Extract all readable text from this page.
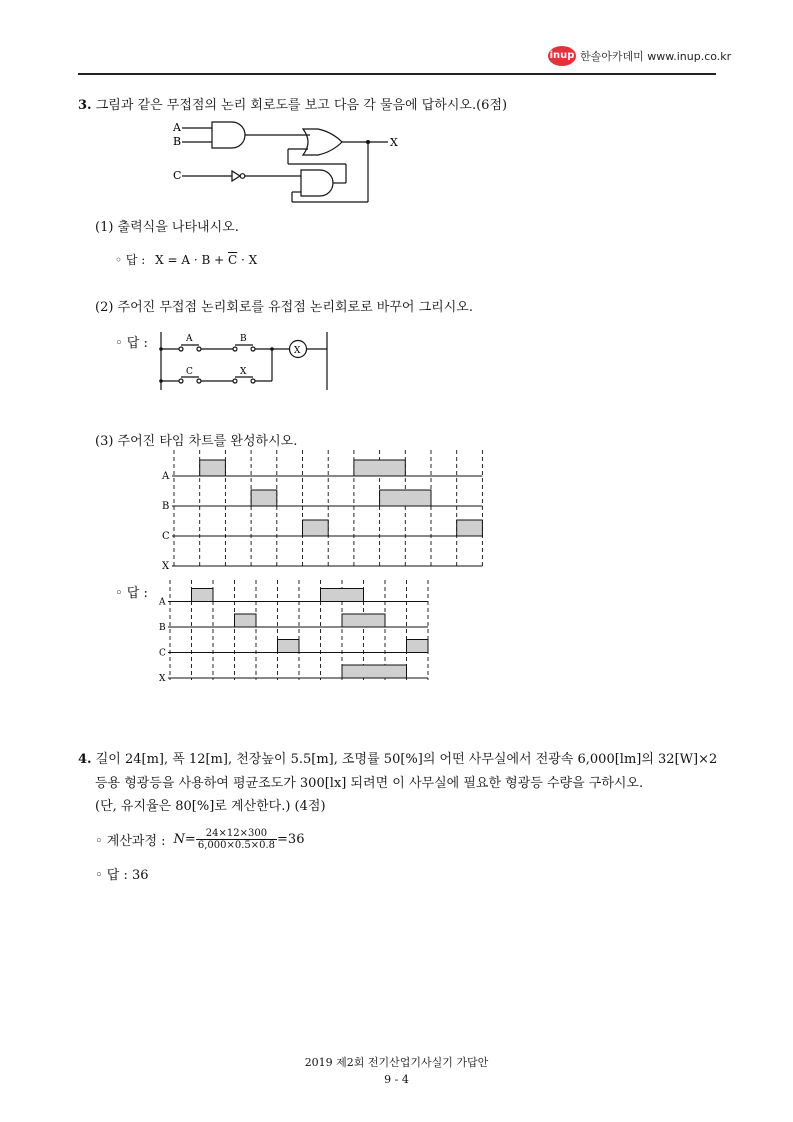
inup 한솔아카데미 www.inup.co.kr
3. 그림과 같은 무접점의 논리 회로도를 보고 다음 각 물음에 답하시오.(6점)
A
B
C
X
(1) 출력식을 나타내시오.
◦ 답 : $X = A \cdot B + \overline{C} \cdot X$
(2) 주어진 무접점 논리회로를 유접점 논리회로로 바꾸어 그리시오.
◦ 답 :	A	B
C	X
X
(3) 주어진 타임 차트를 완성하시오.
A
B
C
X
◦ 답 :
A
B
C
X
4. 길이 24[m], 폭 12[m], 천장높이 5.5[m], 조명률 50[%]의 어떤 사무실에서 전광속 6,000[lm]의 32[W]×2
등용 형광등을 사용하여 평균조도가 300[lx] 되려면 이 사무실에 필요한 형광등 수량을 구하시오.
(단, 유지율은 80[%]로 계산한다.) (4점)
◦ 계산과정 : $N= \frac{24\times 12\times 300}{6,000\times 0.5\times 0.8} =36$
◦ 답 : 36
2019 제2회 전기산업기사실기 가답안
9 - 4
